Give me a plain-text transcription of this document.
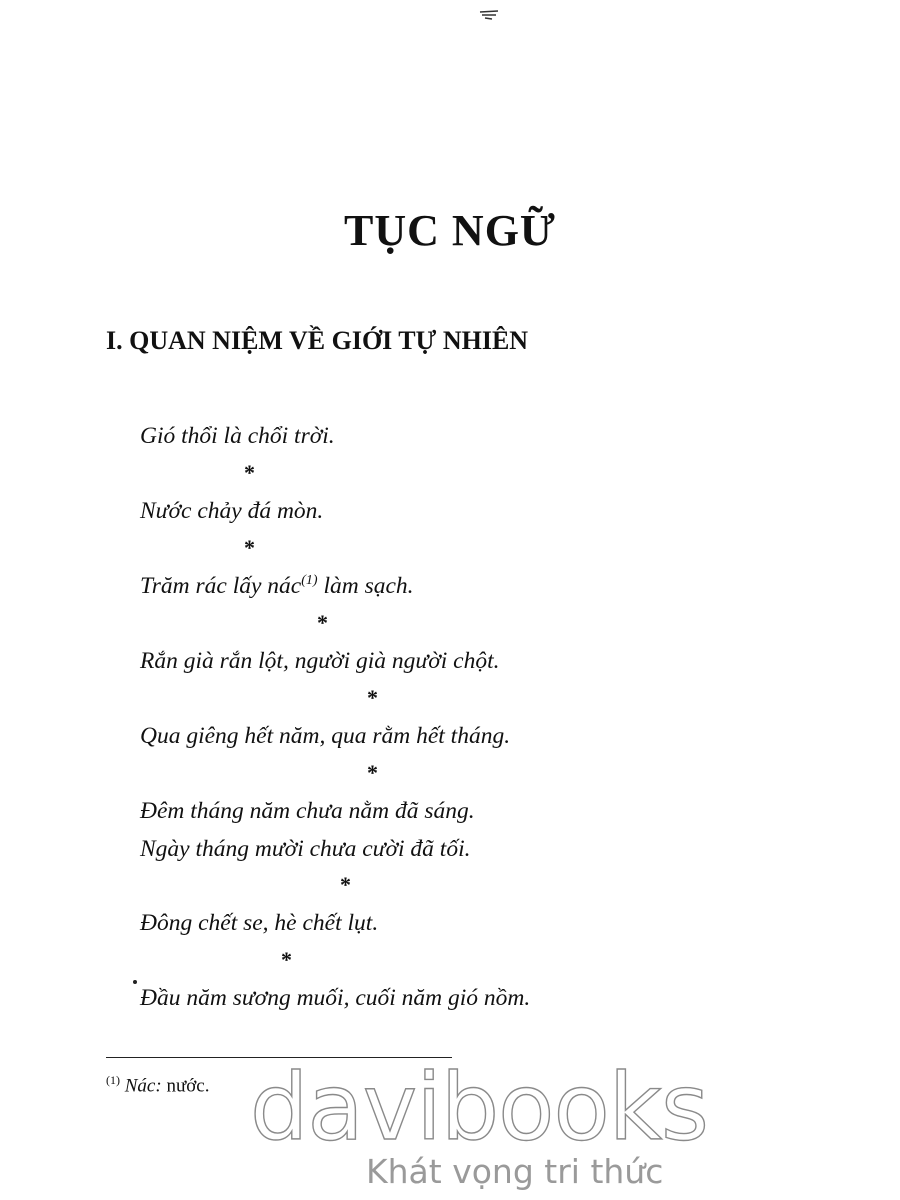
TỤC NGỮ
I. QUAN NIỆM VỀ GIỚI TỰ NHIÊN

Gió thổi là chổi trời.

*

Nước chảy đá mòn.

*

Trăm rác lấy nác$^{(1)}$ làm sạch.

*

Rắn già rắn lột, người già người chột.

*

Qua giêng hết năm, qua rằm hết tháng.

*

Đêm tháng năm chưa nằm đã sáng.

Ngày tháng mười chưa cười đã tối.

*

Đông chết se, hè chết lụt.

*

Đầu năm sương muối, cuối năm gió nồm.

$^{(1)}$ Nác: nước. davibooks
Khát vọng tri thức
